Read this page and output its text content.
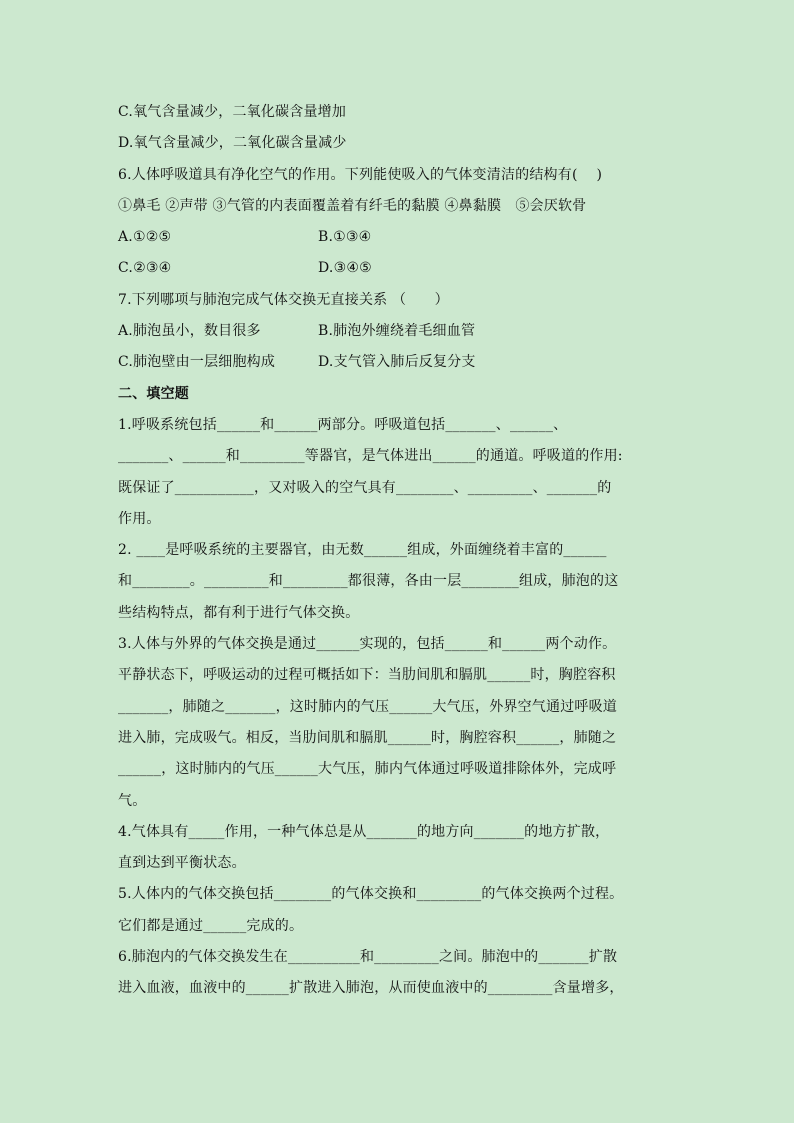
C.氧气含量减少，二氧化碳含量增加
D.氧气含量减少，二氧化碳含量减少
6.人体呼吸道具有净化空气的作用。下列能使吸入的气体变清洁的结构有(　 )
①鼻毛 ②声带 ③气管的内表面覆盖着有纤毛的黏膜 ④鼻黏膜　⑤会厌软骨
A.①②⑤	B.①③④
C.②③④	D.③④⑤
7.下列哪项与肺泡完成气体交换无直接关系 （　　）
A.肺泡虽小，数目很多	B.肺泡外缠绕着毛细血管
C.肺泡壁由一层细胞构成	D.支气管入肺后反复分支
二、填空题
1.呼吸系统包括______和______两部分。呼吸道包括_______、______、
_______、______和_________等器官，是气体进出______的通道。呼吸道的作用:
既保证了___________，又对吸入的空气具有________、_________、_______的
作用。
2. ____是呼吸系统的主要器官，由无数______组成，外面缠绕着丰富的______
和________。_________和_________都很薄，各由一层________组成，肺泡的这
些结构特点，都有利于进行气体交换。
3.人体与外界的气体交换是通过______实现的，包括______和______两个动作。
平静状态下，呼吸运动的过程可概括如下：当肋间肌和膈肌______时，胸腔容积
_______，肺随之_______，这时肺内的气压______大气压，外界空气通过呼吸道
进入肺，完成吸气。相反，当肋间肌和膈肌______时，胸腔容积______，肺随之
______，这时肺内的气压______大气压，肺内气体通过呼吸道排除体外，完成呼
气。
4.气体具有_____作用，一种气体总是从_______的地方向_______的地方扩散，
直到达到平衡状态。
5.人体内的气体交换包括________的气体交换和_________的气体交换两个过程。
它们都是通过______完成的。
6.肺泡内的气体交换发生在__________和_________之间。肺泡中的_______扩散
进入血液，血液中的______扩散进入肺泡，从而使血液中的_________含量增多，
